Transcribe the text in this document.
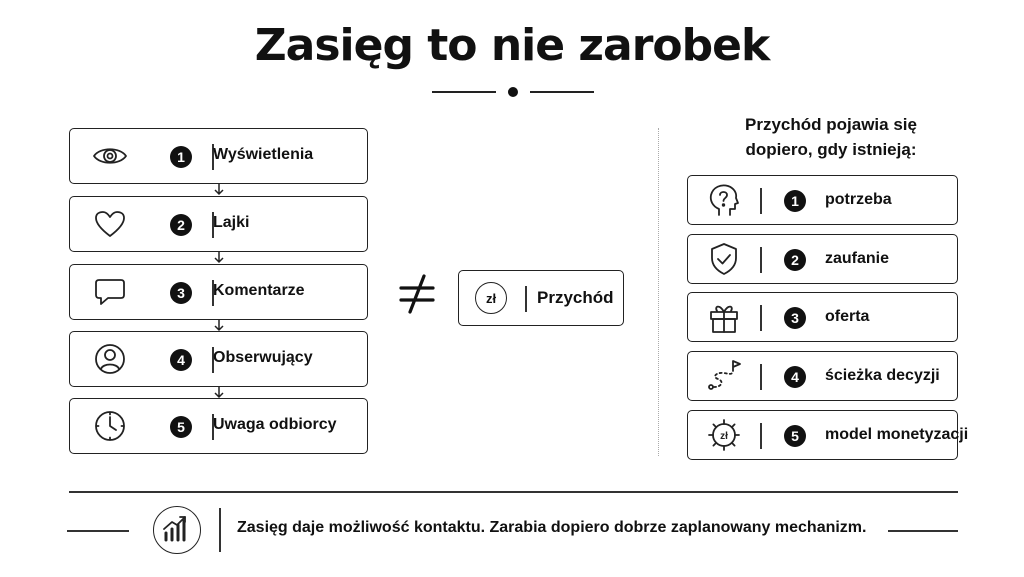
Zasięg to nie zarobek
1	Wyświetlenia
2	Lajki
3	Komentarze
4	Obserwujący
5	Uwaga odbiorcy
zł	Przychód
Przychód pojawia się
dopiero, gdy istnieją:
1	potrzeba
2	zaufanie
3	oferta
4	ścieżka decyzji
zł	5	model monetyzacji
Zasięg daje możliwość kontaktu. Zarabia dopiero dobrze zaplanowany mechanizm.
